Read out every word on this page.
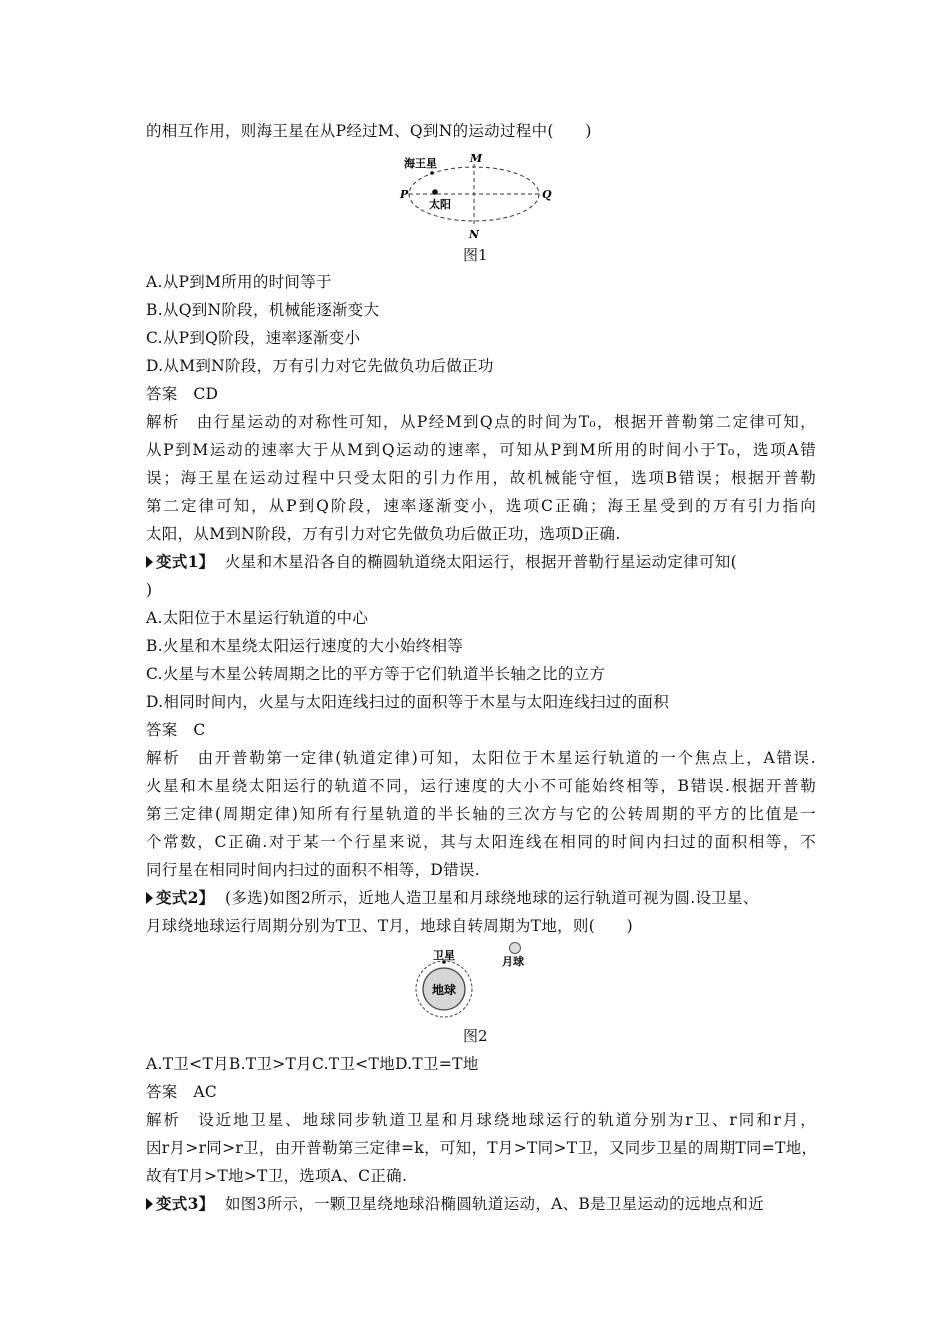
的相互作用，则海王星在从P经过M、Q到N的运动过程中(　　)
海王星
太阳
P	Q
M
N
图1
A.从P到M所用的时间等于
B.从Q到N阶段，机械能逐渐变大
C.从P到Q阶段，速率逐渐变小
D.从M到N阶段，万有引力对它先做负功后做正功
答案　CD
解析　由行星运动的对称性可知，从P经M到Q点的时间为T₀，根据开普勒第二定律可知，
从P到M运动的速率大于从M到Q运动的速率，可知从P到M所用的时间小于T₀，选项A错
误；海王星在运动过程中只受太阳的引力作用，故机械能守恒，选项B错误；根据开普勒
第二定律可知，从P到Q阶段，速率逐渐变小，选项C正确；海王星受到的万有引力指向
太阳，从M到N阶段，万有引力对它先做负功后做正功，选项D正确.
变式1】 火星和木星沿各自的椭圆轨道绕太阳运行，根据开普勒行星运动定律可知(
)
A.太阳位于木星运行轨道的中心
B.火星和木星绕太阳运行速度的大小始终相等
C.火星与木星公转周期之比的平方等于它们轨道半长轴之比的立方
D.相同时间内，火星与太阳连线扫过的面积等于木星与太阳连线扫过的面积
答案　C
解析　由开普勒第一定律(轨道定律)可知，太阳位于木星运行轨道的一个焦点上，A错误.
火星和木星绕太阳运行的轨道不同，运行速度的大小不可能始终相等，B错误.根据开普勒
第三定律(周期定律)知所有行星轨道的半长轴的三次方与它的公转周期的平方的比值是一
个常数，C正确.对于某一个行星来说，其与太阳连线在相同的时间内扫过的面积相等，不
同行星在相同时间内扫过的面积不相等，D错误.
变式2】 (多选)如图2所示，近地人造卫星和月球绕地球的运行轨道可视为圆.设卫星、
月球绕地球运行周期分别为T卫、T月，地球自转周期为T地，则(　　)
卫星	月球
地球
图2
A.T卫<T月B.T卫>T月C.T卫<T地D.T卫=T地
答案　AC
解析　设近地卫星、地球同步轨道卫星和月球绕地球运行的轨道分别为r卫、r同和r月，
因r月>r同>r卫，由开普勒第三定律=k，可知，T月>T同>T卫，又同步卫星的周期T同=T地，
故有T月>T地>T卫，选项A、C正确.
变式3】 如图3所示，一颗卫星绕地球沿椭圆轨道运动，A、B是卫星运动的远地点和近
